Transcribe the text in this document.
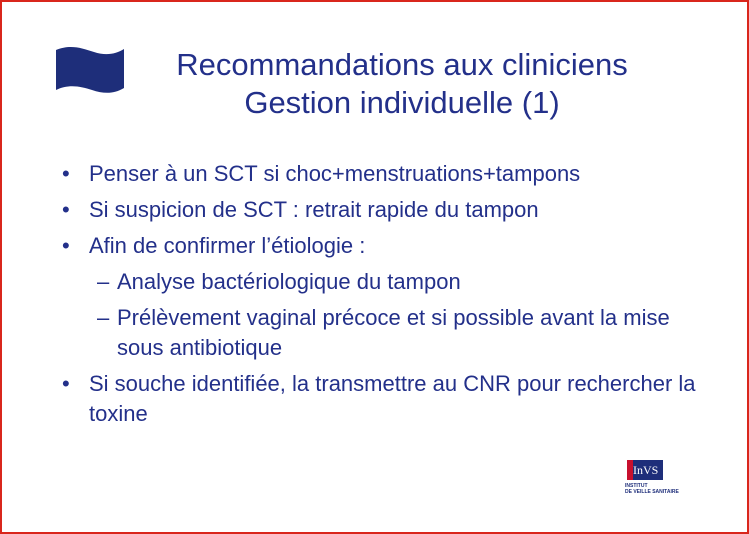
Recommandations aux cliniciens
Gestion individuelle (1)
• Penser à un SCT si choc+menstruations+tampons
• Si suspicion de SCT : retrait rapide du tampon
• Afin de confirmer l’étiologie :
– Analyse bactériologique du tampon
– Prélèvement vaginal précoce et si possible avant la mise sous antibiotique
• Si souche identifiée, la transmettre au CNR pour rechercher la toxine
InVS
INSTITUT
DE VEILLE SANITAIRE
